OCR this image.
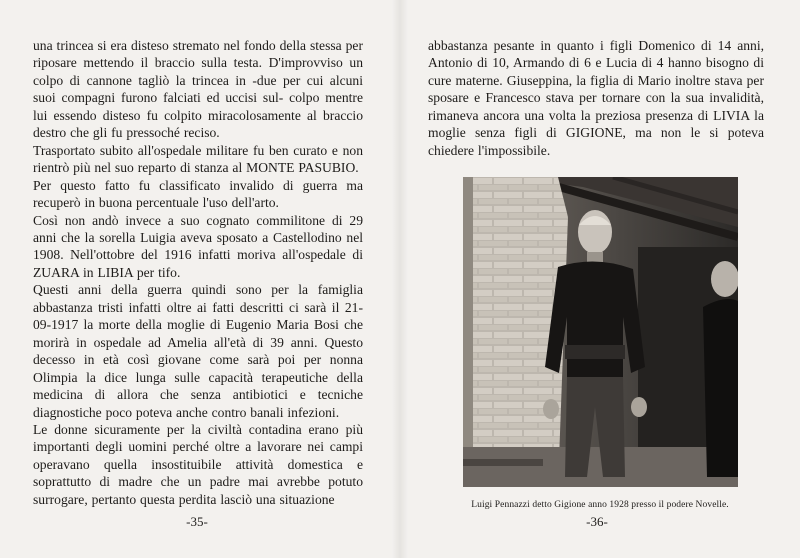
una trincea si era disteso stremato nel fondo della stessa per riposare mettendo il braccio sulla testa. D'improvviso un colpo di cannone tagliò la trincea in -due per cui alcuni suoi compagni furono falciati ed uccisi sul- colpo mentre lui essendo disteso fu colpito miracolosamente al braccio destro che gli fu pressoché reciso.

Trasportato subito all'ospedale militare fu ben curato e non rientrò più nel suo reparto di stanza al MONTE PASUBIO.

Per questo fatto fu classificato invalido di guerra ma recuperò in buona percentuale l'uso dell'arto.

Così non andò invece a suo cognato commilitone di 29 anni che la sorella Luigia aveva sposato a Castellodino nel 1908. Nell'ottobre del 1916 infatti moriva all'ospedale di ZUARA in LIBIA per tifo.

Questi anni della guerra quindi sono per la famiglia abbastanza tristi infatti oltre ai fatti descritti ci sarà il 21-09-1917 la morte della moglie di Eugenio Maria Bosi che morirà in ospedale ad Amelia all'età di 39 anni. Questo decesso in età così giovane come sarà poi per nonna Olimpia la dice lunga sulle capacità terapeutiche della medicina di allora che senza antibiotici e tecniche diagnostiche poco poteva anche contro banali infezioni.

Le donne sicuramente per la civiltà contadina erano più importanti degli uomini perché oltre a lavorare nei campi operavano quella insostituibile attività domestica e soprattutto di madre che un padre mai avrebbe potuto surrogare, pertanto questa perdita lasciò una situazione

-35-

abbastanza pesante in quanto i figli Domenico di 14 anni, Antonio di 10, Armando di 6 e Lucia di 4 hanno bisogno di cure materne. Giuseppina, la figlia di Mario inoltre stava per sposare e Francesco stava per tornare con la sua invalidità, rimaneva ancora una volta la preziosa presenza di LIVIA la moglie senza figli di GIGIONE, ma non le si poteva chiedere l'impossibile.

Luigi Pennazzi detto Gigione anno 1928 presso il podere Novelle.
-36-
